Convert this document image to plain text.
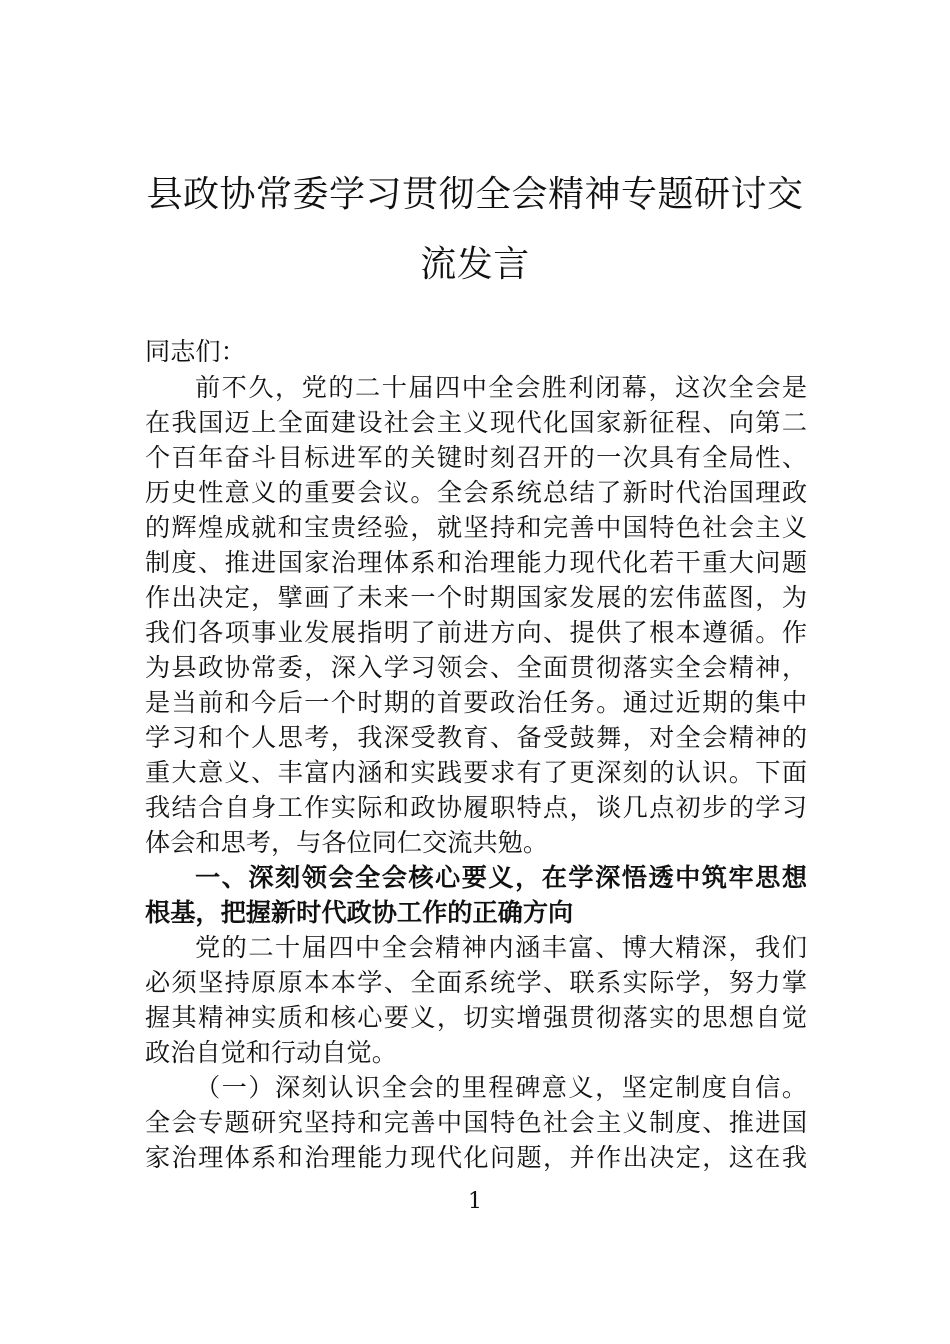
县政协常委学习贯彻全会精神专题研讨交
流发言
同志们：
前不久，党的二十届四中全会胜利闭幕，这次全会是
在我国迈上全面建设社会主义现代化国家新征程、向第二
个百年奋斗目标进军的关键时刻召开的一次具有全局性、
历史性意义的重要会议。全会系统总结了新时代治国理政
的辉煌成就和宝贵经验，就坚持和完善中国特色社会主义
制度、推进国家治理体系和治理能力现代化若干重大问题
作出决定，擘画了未来一个时期国家发展的宏伟蓝图，为
我们各项事业发展指明了前进方向、提供了根本遵循。作
为县政协常委，深入学习领会、全面贯彻落实全会精神，
是当前和今后一个时期的首要政治任务。通过近期的集中
学习和个人思考，我深受教育、备受鼓舞，对全会精神的
重大意义、丰富内涵和实践要求有了更深刻的认识。下面
我结合自身工作实际和政协履职特点，谈几点初步的学习
体会和思考，与各位同仁交流共勉。
一、深刻领会全会核心要义，在学深悟透中筑牢思想
根基，把握新时代政协工作的正确方向
党的二十届四中全会精神内涵丰富、博大精深，我们
必须坚持原原本本学、全面系统学、联系实际学，努力掌
握其精神实质和核心要义，切实增强贯彻落实的思想自觉
政治自觉和行动自觉。
（一）深刻认识全会的里程碑意义，坚定制度自信。
全会专题研究坚持和完善中国特色社会主义制度、推进国
家治理体系和治理能力现代化问题，并作出决定，这在我
1
